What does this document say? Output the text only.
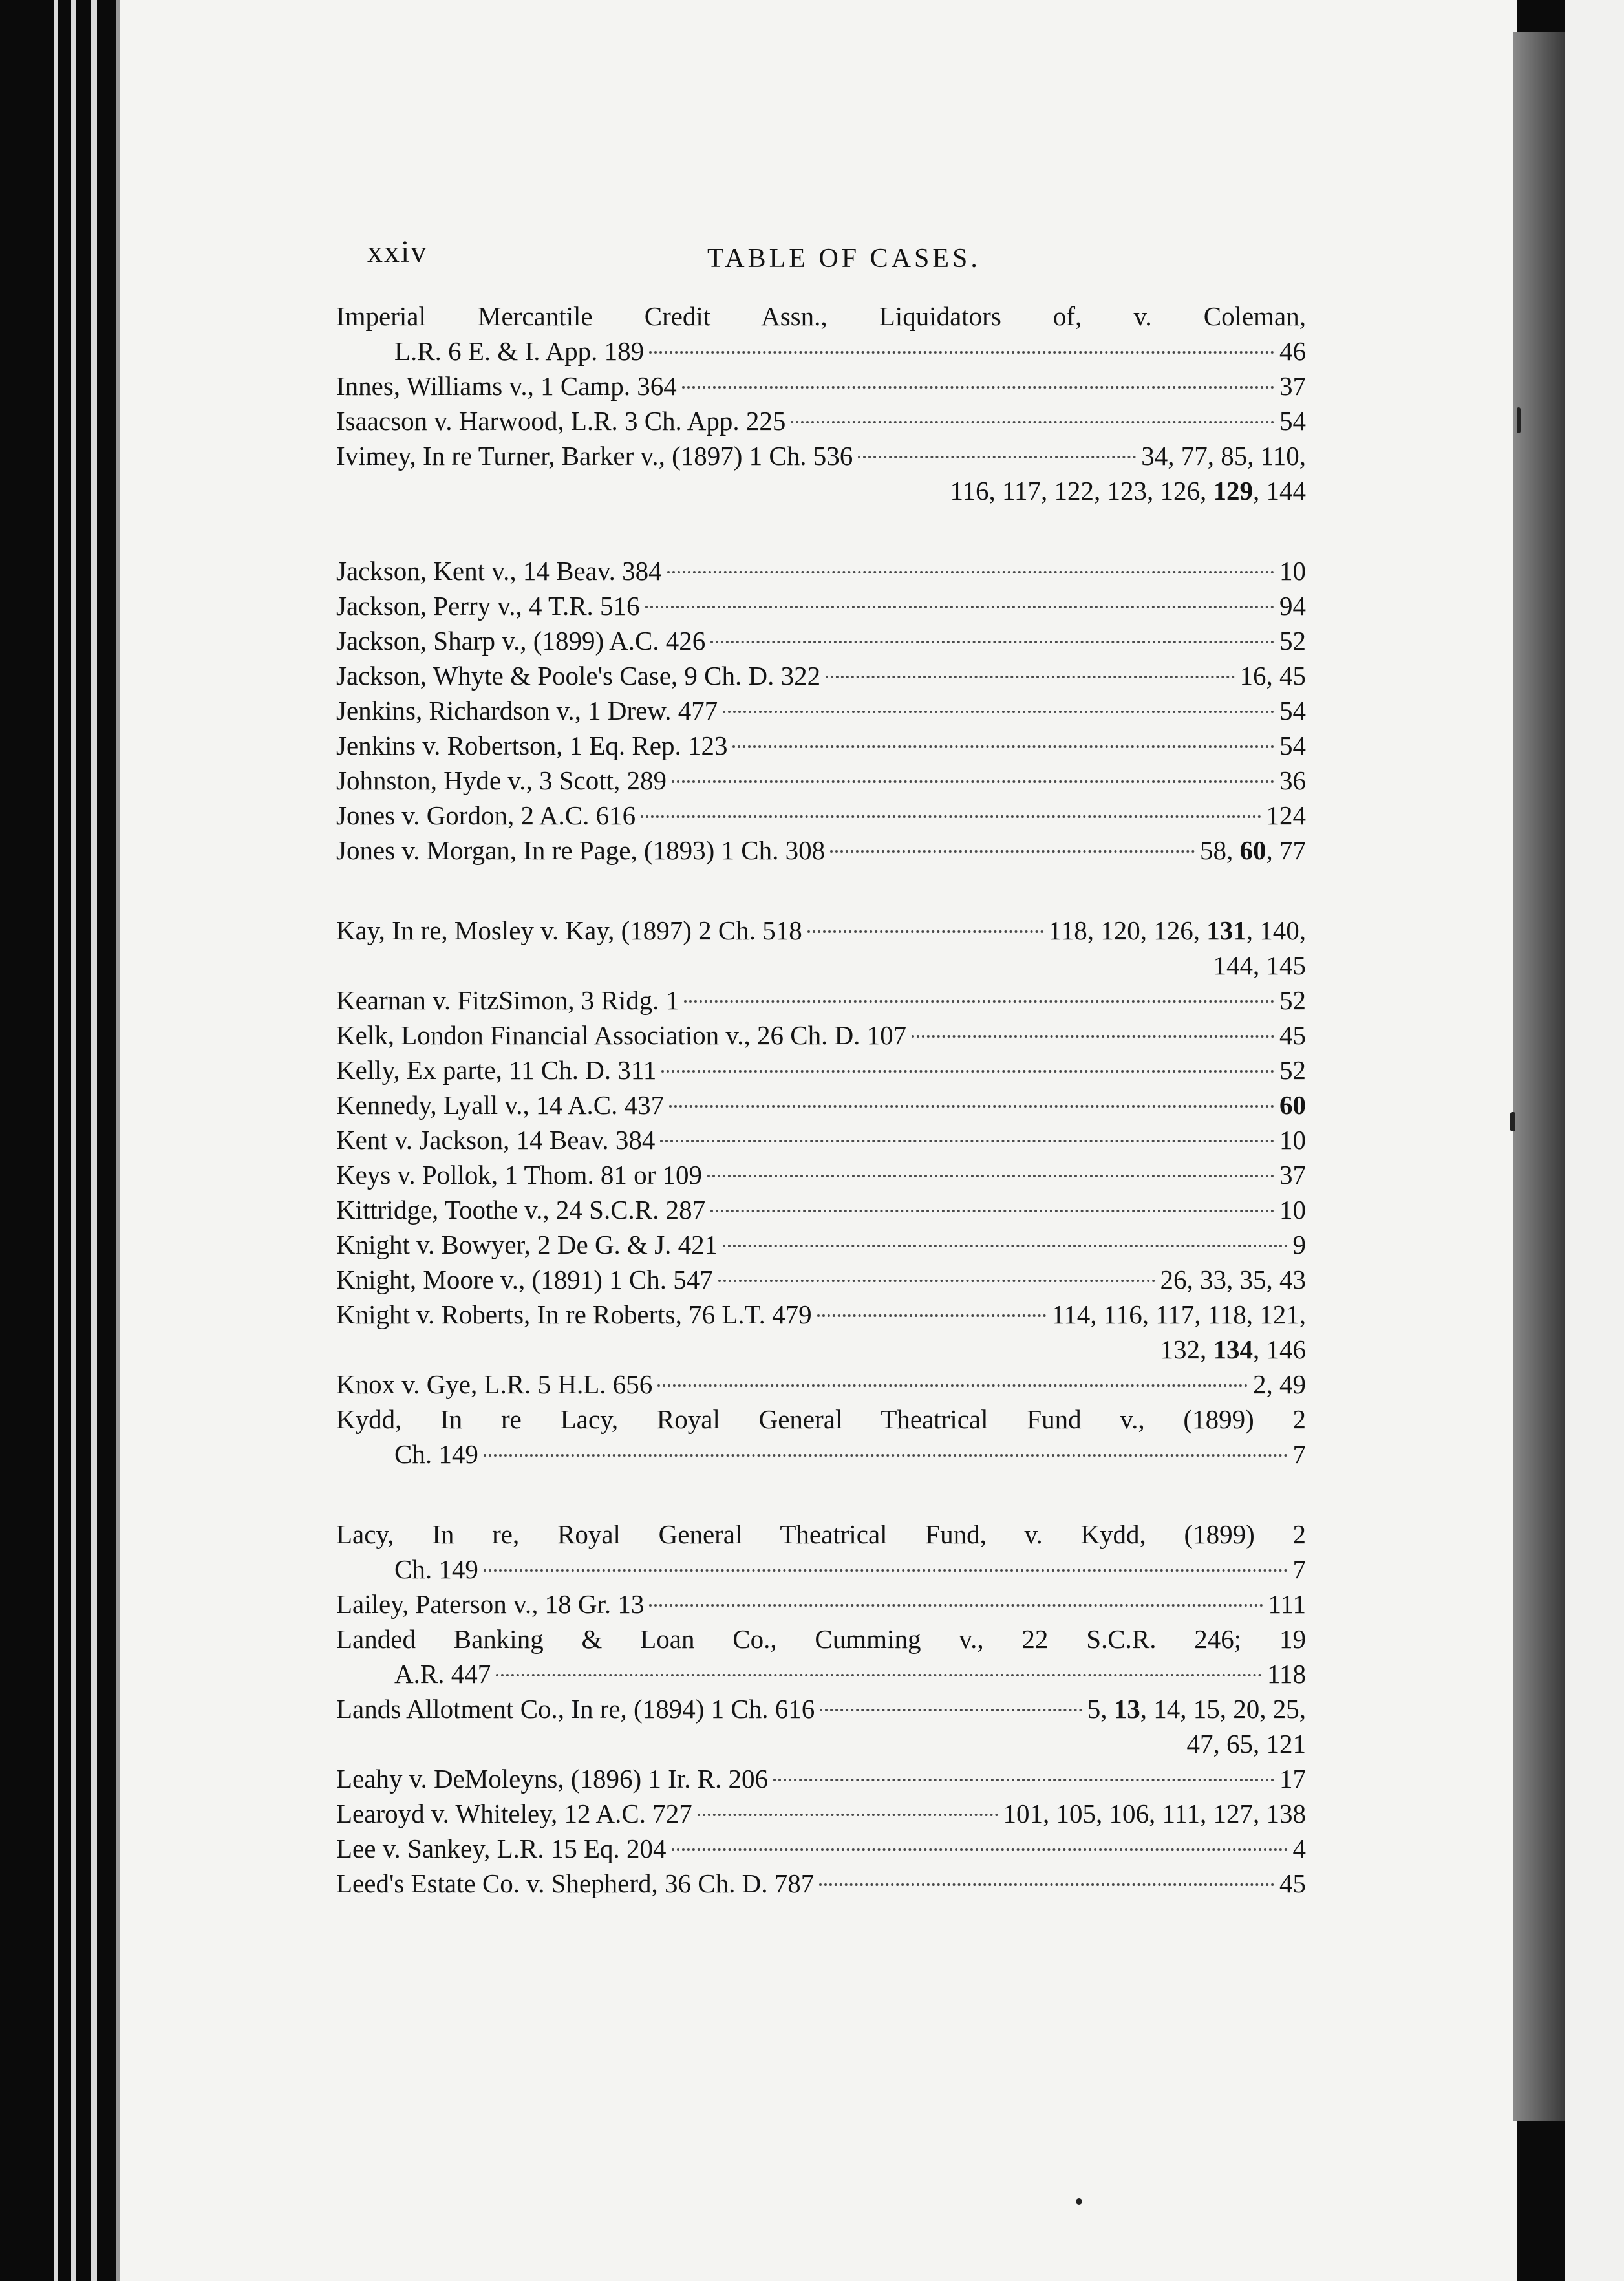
xxiv	TABLE OF CASES.
Imperial Mercantile Credit Assn., Liquidators of, v. Coleman,
L.R. 6 E. & I. App. 189	46
Innes, Williams v., 1 Camp. 364	37
Isaacson v. Harwood, L.R. 3 Ch. App. 225	54
Ivimey, In re Turner, Barker v., (1897) 1 Ch. 536	34, 77, 85, 110,
116, 117, 122, 123, 126, 129, 144
Jackson, Kent v., 14 Beav. 384	10
Jackson, Perry v., 4 T.R. 516	94
Jackson, Sharp v., (1899) A.C. 426	52
Jackson, Whyte & Poole's Case, 9 Ch. D. 322	16, 45
Jenkins, Richardson v., 1 Drew. 477	54
Jenkins v. Robertson, 1 Eq. Rep. 123	54
Johnston, Hyde v., 3 Scott, 289	36
Jones v. Gordon, 2 A.C. 616	124
Jones v. Morgan, In re Page, (1893) 1 Ch. 308	58, 60, 77
Kay, In re, Mosley v. Kay, (1897) 2 Ch. 518	118, 120, 126, 131, 140,
144, 145
Kearnan v. FitzSimon, 3 Ridg. 1	52
Kelk, London Financial Association v., 26 Ch. D. 107	45
Kelly, Ex parte, 11 Ch. D. 311	52
Kennedy, Lyall v., 14 A.C. 437	60
Kent v. Jackson, 14 Beav. 384	10
Keys v. Pollok, 1 Thom. 81 or 109	37
Kittridge, Toothe v., 24 S.C.R. 287	10
Knight v. Bowyer, 2 De G. & J. 421	9
Knight, Moore v., (1891) 1 Ch. 547	26, 33, 35, 43
Knight v. Roberts, In re Roberts, 76 L.T. 479	114, 116, 117, 118, 121,
132, 134, 146
Knox v. Gye, L.R. 5 H.L. 656	2, 49
Kydd, In re Lacy, Royal General Theatrical Fund v., (1899) 2
Ch. 149	7
Lacy, In re, Royal General Theatrical Fund, v. Kydd, (1899) 2
Ch. 149	7
Lailey, Paterson v., 18 Gr. 13	111
Landed Banking & Loan Co., Cumming v., 22 S.C.R. 246; 19
A.R. 447	118
Lands Allotment Co., In re, (1894) 1 Ch. 616	5, 13, 14, 15, 20, 25,
47, 65, 121
Leahy v. DeMoleyns, (1896) 1 Ir. R. 206	17
Learoyd v. Whiteley, 12 A.C. 727	101, 105, 106, 111, 127, 138
Lee v. Sankey, L.R. 15 Eq. 204	4
Leed's Estate Co. v. Shepherd, 36 Ch. D. 787	45
